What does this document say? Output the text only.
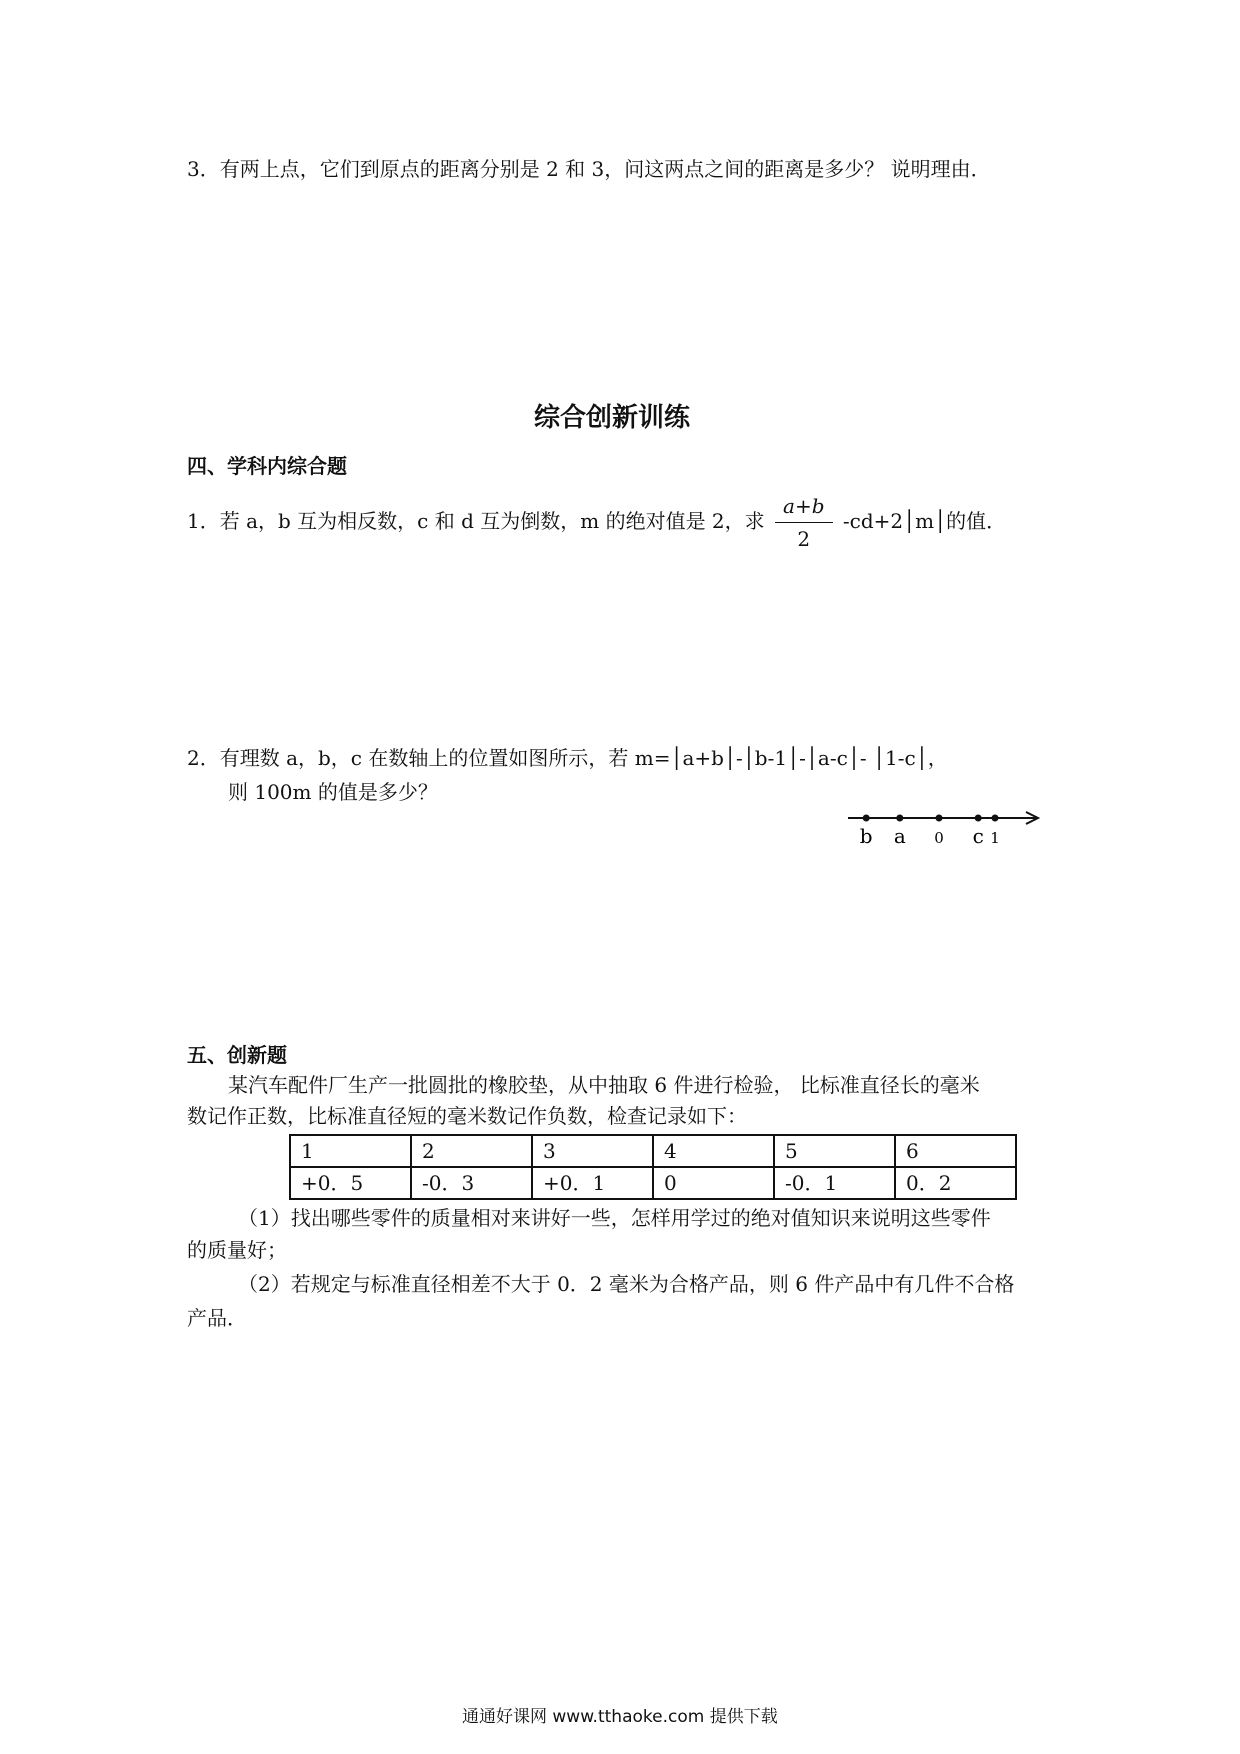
3．有两上点，它们到原点的距离分别是 2 和 3，问这两点之间的距离是多少？ 说明理由．
综合创新训练
四、学科内综合题
1．若 a，b 互为相反数，c 和 d 互为倒数，m 的绝对值是 2，求 $\frac{a+b}{2}$ -cd+2│m│的值．
2．有理数 a，b，c 在数轴上的位置如图所示，若 m=│a+b│-│b-1│-│a-c│- │1-c│，
则 100m 的值是多少？
b a 0 c 1
五、创新题
某汽车配件厂生产一批圆批的橡胶垫，从中抽取 6 件进行检验， 比标准直径长的毫米
数记作正数，比标准直径短的毫米数记作负数，检查记录如下：
1	2	3	4	5	6
+0．5	-0．3	+0．1	0	-0．1	0．2
（1）找出哪些零件的质量相对来讲好一些，怎样用学过的绝对值知识来说明这些零件
的质量好；
（2）若规定与标准直径相差不大于 0．2 毫米为合格产品，则 6 件产品中有几件不合格
产品．
通通好课网 www.tthaoke.com 提供下载
